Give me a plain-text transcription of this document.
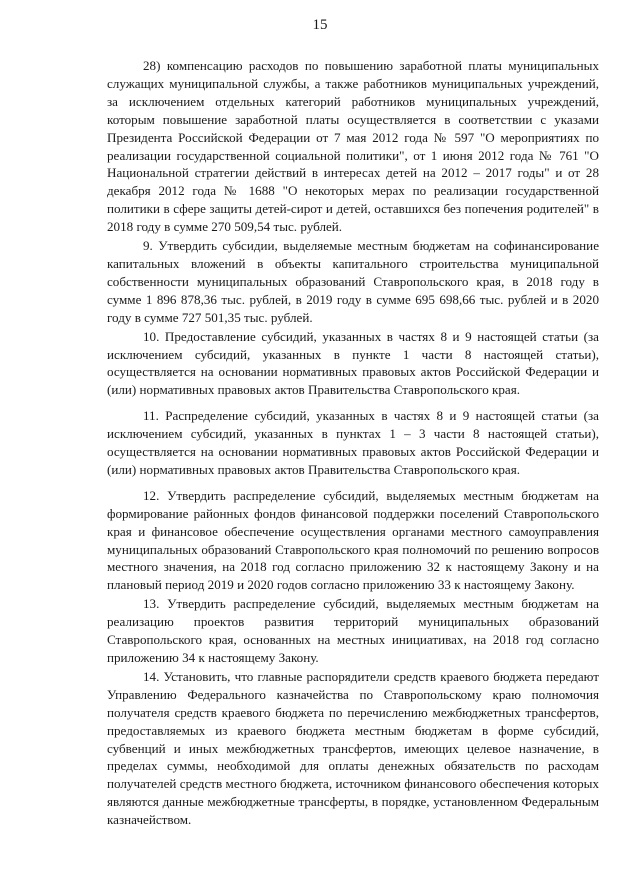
15

28) компенсацию расходов по повышению заработной платы муниципальных служащих муниципальной службы, а также работников муниципальных учреждений, за исключением отдельных категорий работников муниципальных учреждений, которым повышение заработной платы осуществляется в соответствии с указами Президента Российской Федерации от 7 мая 2012 года № 597 "О мероприятиях по реализации государственной социальной политики", от 1 июня 2012 года № 761 "О Национальной стратегии действий в интересах детей на 2012 – 2017 годы" и от 28 декабря 2012 года № 1688 "О некоторых мерах по реализации государственной политики в сфере защиты детей-сирот и детей, оставшихся без попечения родителей" в 2018 году в сумме 270 509,54 тыс. рублей.

9. Утвердить субсидии, выделяемые местным бюджетам на софинансирование капитальных вложений в объекты капитального строительства муниципальной собственности муниципальных образований Ставропольского края, в 2018 году в сумме 1 896 878,36 тыс. рублей, в 2019 году в сумме 695 698,66 тыс. рублей и в 2020 году в сумме 727 501,35 тыс. рублей.

10. Предоставление субсидий, указанных в частях 8 и 9 настоящей статьи (за исключением субсидий, указанных в пункте 1 части 8 настоящей статьи), осуществляется на основании нормативных правовых актов Российской Федерации и (или) нормативных правовых актов Правительства Ставропольского края.

11. Распределение субсидий, указанных в частях 8 и 9 настоящей статьи (за исключением субсидий, указанных в пунктах 1 – 3 части 8 настоящей статьи), осуществляется на основании нормативных правовых актов Российской Федерации и (или) нормативных правовых актов Правительства Ставропольского края.

12. Утвердить распределение субсидий, выделяемых местным бюджетам на формирование районных фондов финансовой поддержки поселений Ставропольского края и финансовое обеспечение осуществления органами местного самоуправления муниципальных образований Ставропольского края полномочий по решению вопросов местного значения, на 2018 год согласно приложению 32 к настоящему Закону и на плановый период 2019 и 2020 годов согласно приложению 33 к настоящему Закону.

13. Утвердить распределение субсидий, выделяемых местным бюджетам на реализацию проектов развития территорий муниципальных образований Ставропольского края, основанных на местных инициативах, на 2018 год согласно приложению 34 к настоящему Закону.

14. Установить, что главные распорядители средств краевого бюджета передают Управлению Федерального казначейства по Ставропольскому краю полномочия получателя средств краевого бюджета по перечислению межбюджетных трансфертов, предоставляемых из краевого бюджета местным бюджетам в форме субсидий, субвенций и иных межбюджетных трансфертов, имеющих целевое назначение, в пределах суммы, необходимой для оплаты денежных обязательств по расходам получателей средств местного бюджета, источником финансового обеспечения которых являются данные межбюджетные трансферты, в порядке, установленном Федеральным казначейством.
